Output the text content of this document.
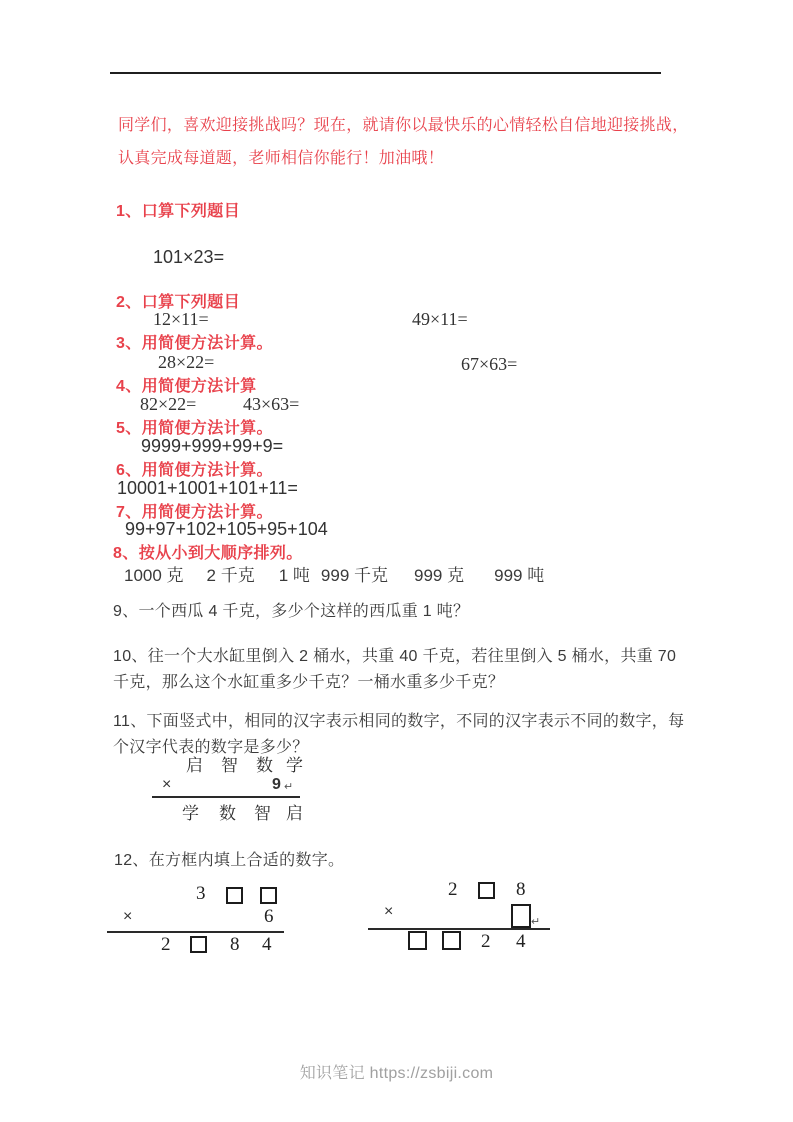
同学们，喜欢迎接挑战吗？现在，就请你以最快乐的心情轻松自信地迎接挑战，
认真完成每道题，老师相信你能行！加油哦！
1、口算下列题目
101×23=
2、口算下列题目
12×11=	49×11=
3、用简便方法计算。
28×22=	67×63=
4、用简便方法计算
82×22=	43×63=
5、用简便方法计算。
9999+999+99+9=
6、用简便方法计算。
10001+1001+101+11=
7、用简便方法计算。
99+97+102+105+95+104
8、按从小到大顺序排列。
1000 克 2 千克 1 吨 999 千克 999 克 999 吨
9、一个西瓜 4 千克，多少个这样的西瓜重 1 吨？
10、往一个大水缸里倒入 2 桶水，共重 40 千克，若往里倒入 5 桶水，共重 70
千克，那么这个水缸重多少千克？一桶水重多少千克？
11、下面竖式中，相同的汉字表示相同的数字，不同的汉字表示不同的数字，每
个汉字代表的数字是多少？
启 智 数 学
×	9 ↵
学 数 智 启
12、在方框内填上合适的数字。
3
×	6
2	8 4
2	8
×
↵
2 4
知识笔记 https://zsbiji.com
